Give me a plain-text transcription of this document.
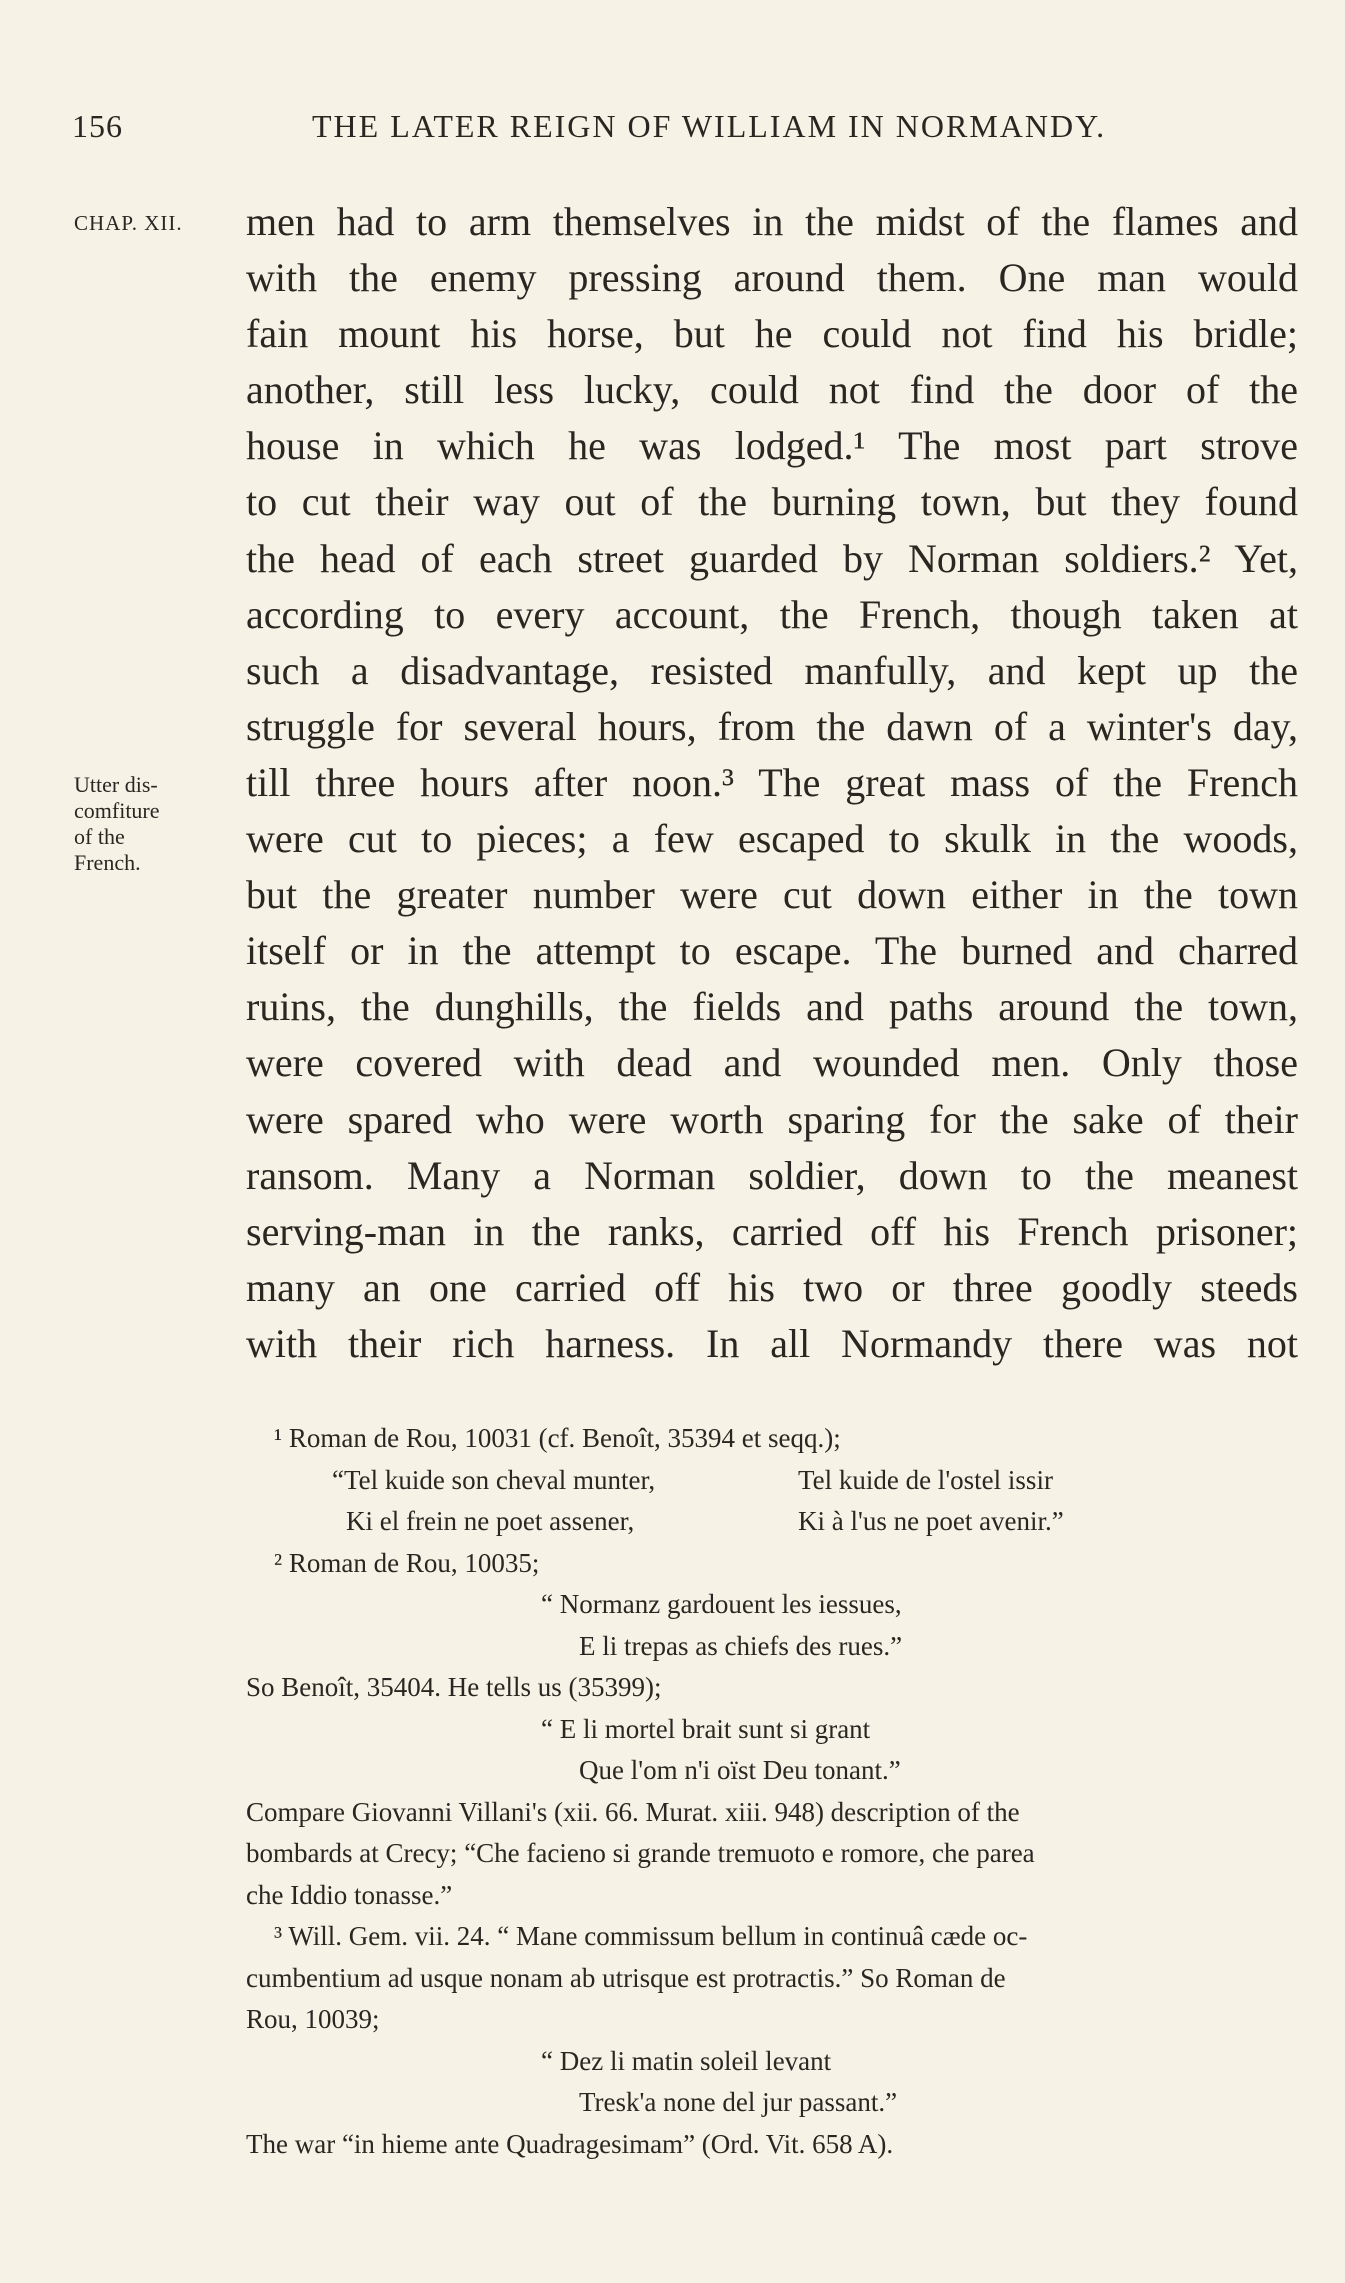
156	THE LATER REIGN OF WILLIAM IN NORMANDY.
CHAP. XII.
Utter dis-
comfiture
of the
French.
men had to arm themselves in the midst of the flames and
with the enemy pressing around them. One man would
fain mount his horse, but he could not find his bridle;
another, still less lucky, could not find the door of the
house in which he was lodged.¹ The most part strove
to cut their way out of the burning town, but they found
the head of each street guarded by Norman soldiers.² Yet,
according to every account, the French, though taken at
such a disadvantage, resisted manfully, and kept up the
struggle for several hours, from the dawn of a winter's day,
till three hours after noon.³ The great mass of the French
were cut to pieces; a few escaped to skulk in the woods,
but the greater number were cut down either in the town
itself or in the attempt to escape. The burned and charred
ruins, the dunghills, the fields and paths around the town,
were covered with dead and wounded men. Only those
were spared who were worth sparing for the sake of their
ransom. Many a Norman soldier, down to the meanest
serving-man in the ranks, carried off his French prisoner;
many an one carried off his two or three goodly steeds
with their rich harness. In all Normandy there was not
¹ Roman de Rou, 10031 (cf. Benoît, 35394 et seqq.);
“Tel kuide son cheval munter,	Tel kuide de l'ostel issir
Ki el frein ne poet assener,	Ki à l'us ne poet avenir.”
² Roman de Rou, 10035;
“ Normanz gardouent les iessues,
E li trepas as chiefs des rues.”
So Benoît, 35404. He tells us (35399);
“ E li mortel brait sunt si grant
Que l'om n'i oïst Deu tonant.”
Compare Giovanni Villani's (xii. 66. Murat. xiii. 948) description of the
bombards at Crecy; “Che facieno si grande tremuoto e romore, che parea
che Iddio tonasse.”
³ Will. Gem. vii. 24. “ Mane commissum bellum in continuâ cæde oc-
cumbentium ad usque nonam ab utrisque est protractis.” So Roman de
Rou, 10039;
“ Dez li matin soleil levant
Tresk'a none del jur passant.”
The war “in hieme ante Quadragesimam” (Ord. Vit. 658 A).
